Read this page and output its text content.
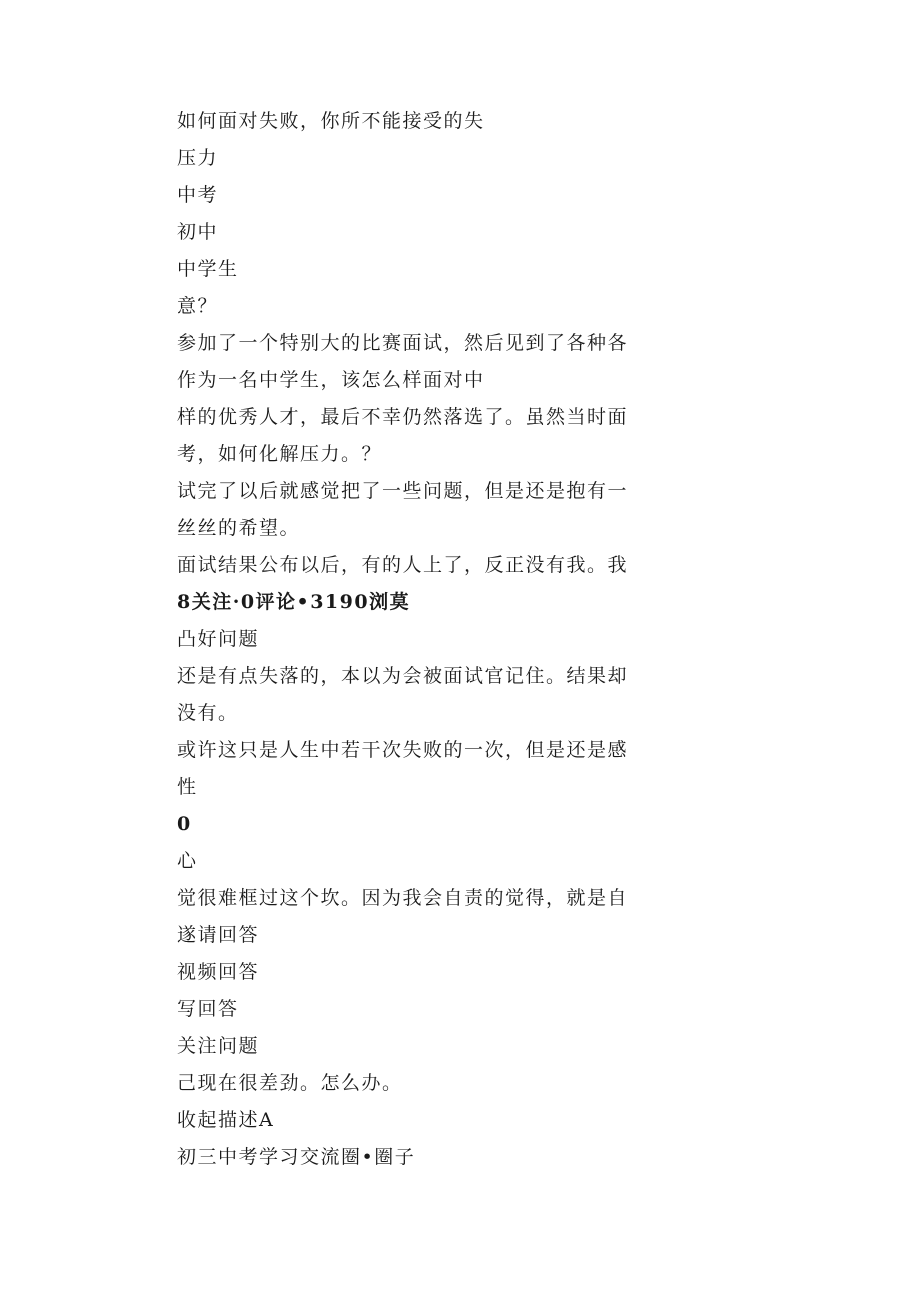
如何面对失败，你所不能接受的失
压力
中考
初中
中学生
意？
参加了一个特别大的比赛面试，然后见到了各种各
作为一名中学生，该怎么样面对中
样的优秀人才，最后不幸仍然落选了。虽然当时面
考，如何化解压力。？
试完了以后就感觉把了一些问题，但是还是抱有一
丝丝的希望。
面试结果公布以后，有的人上了，反正没有我。我
8关注·0评论•3190浏莫
凸好问题
还是有点失落的，本以为会被面试官记住。结果却
没有。
或许这只是人生中若干次失败的一次，但是还是感
性
0
心
觉很难框过这个坎。因为我会自责的觉得，就是自
遂请回答
视频回答
写回答
关注问题
己现在很差劲。怎么办。
收起描述A
初三中考学习交流圈•圈子
